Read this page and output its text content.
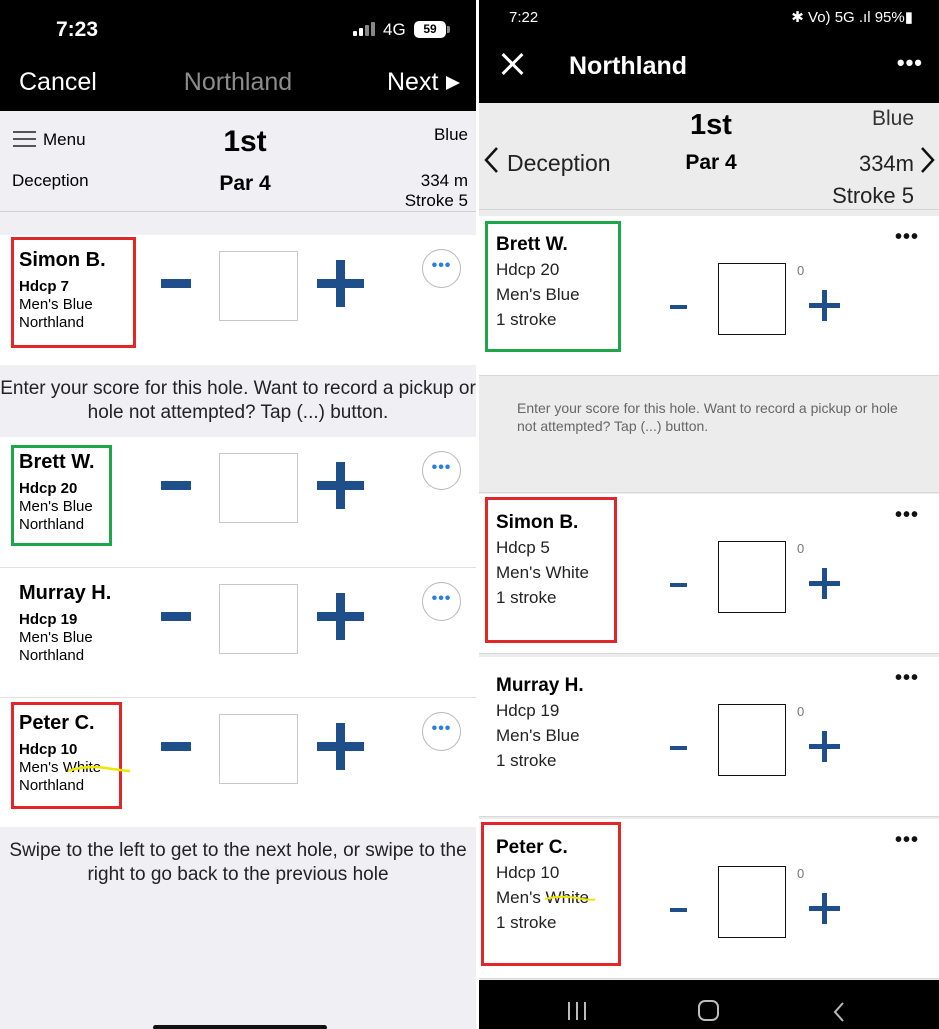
7:23	4G	59
Cancel	Northland	Next
Menu	1st
Par 4
Blue
Deception	334 m
Stroke 5
Simon B.
Hdcp 7
Men's Blue
Northland
•••
Enter your score for this hole. Want to record a pickup or hole not attempted? Tap (...) button.
Brett W.
Hdcp 20
Men's Blue
Northland
•••
Murray H.
Hdcp 19
Men's Blue
Northland
•••
Peter C.
Hdcp 10
Men's White
Northland
•••
Swipe to the left to get to the next hole, or swipe to the right to go back to the previous hole
7:22	✱ Vo) 5G .ıl 95%▮
Northland	•••
Deception
1st
Par 4
Blue
334m
Stroke 5
Brett W.
Hdcp 20
Men's Blue
1 stroke
0
•••

Enter your score for this hole. Want to record a pickup or hole not attempted? Tap (...) button.

Simon B.
Hdcp 5
Men's White
1 stroke
0
•••
Murray H.
Hdcp 19
Men's Blue
1 stroke
0
•••
Peter C.
Hdcp 10
Men's White
1 stroke
0
•••
